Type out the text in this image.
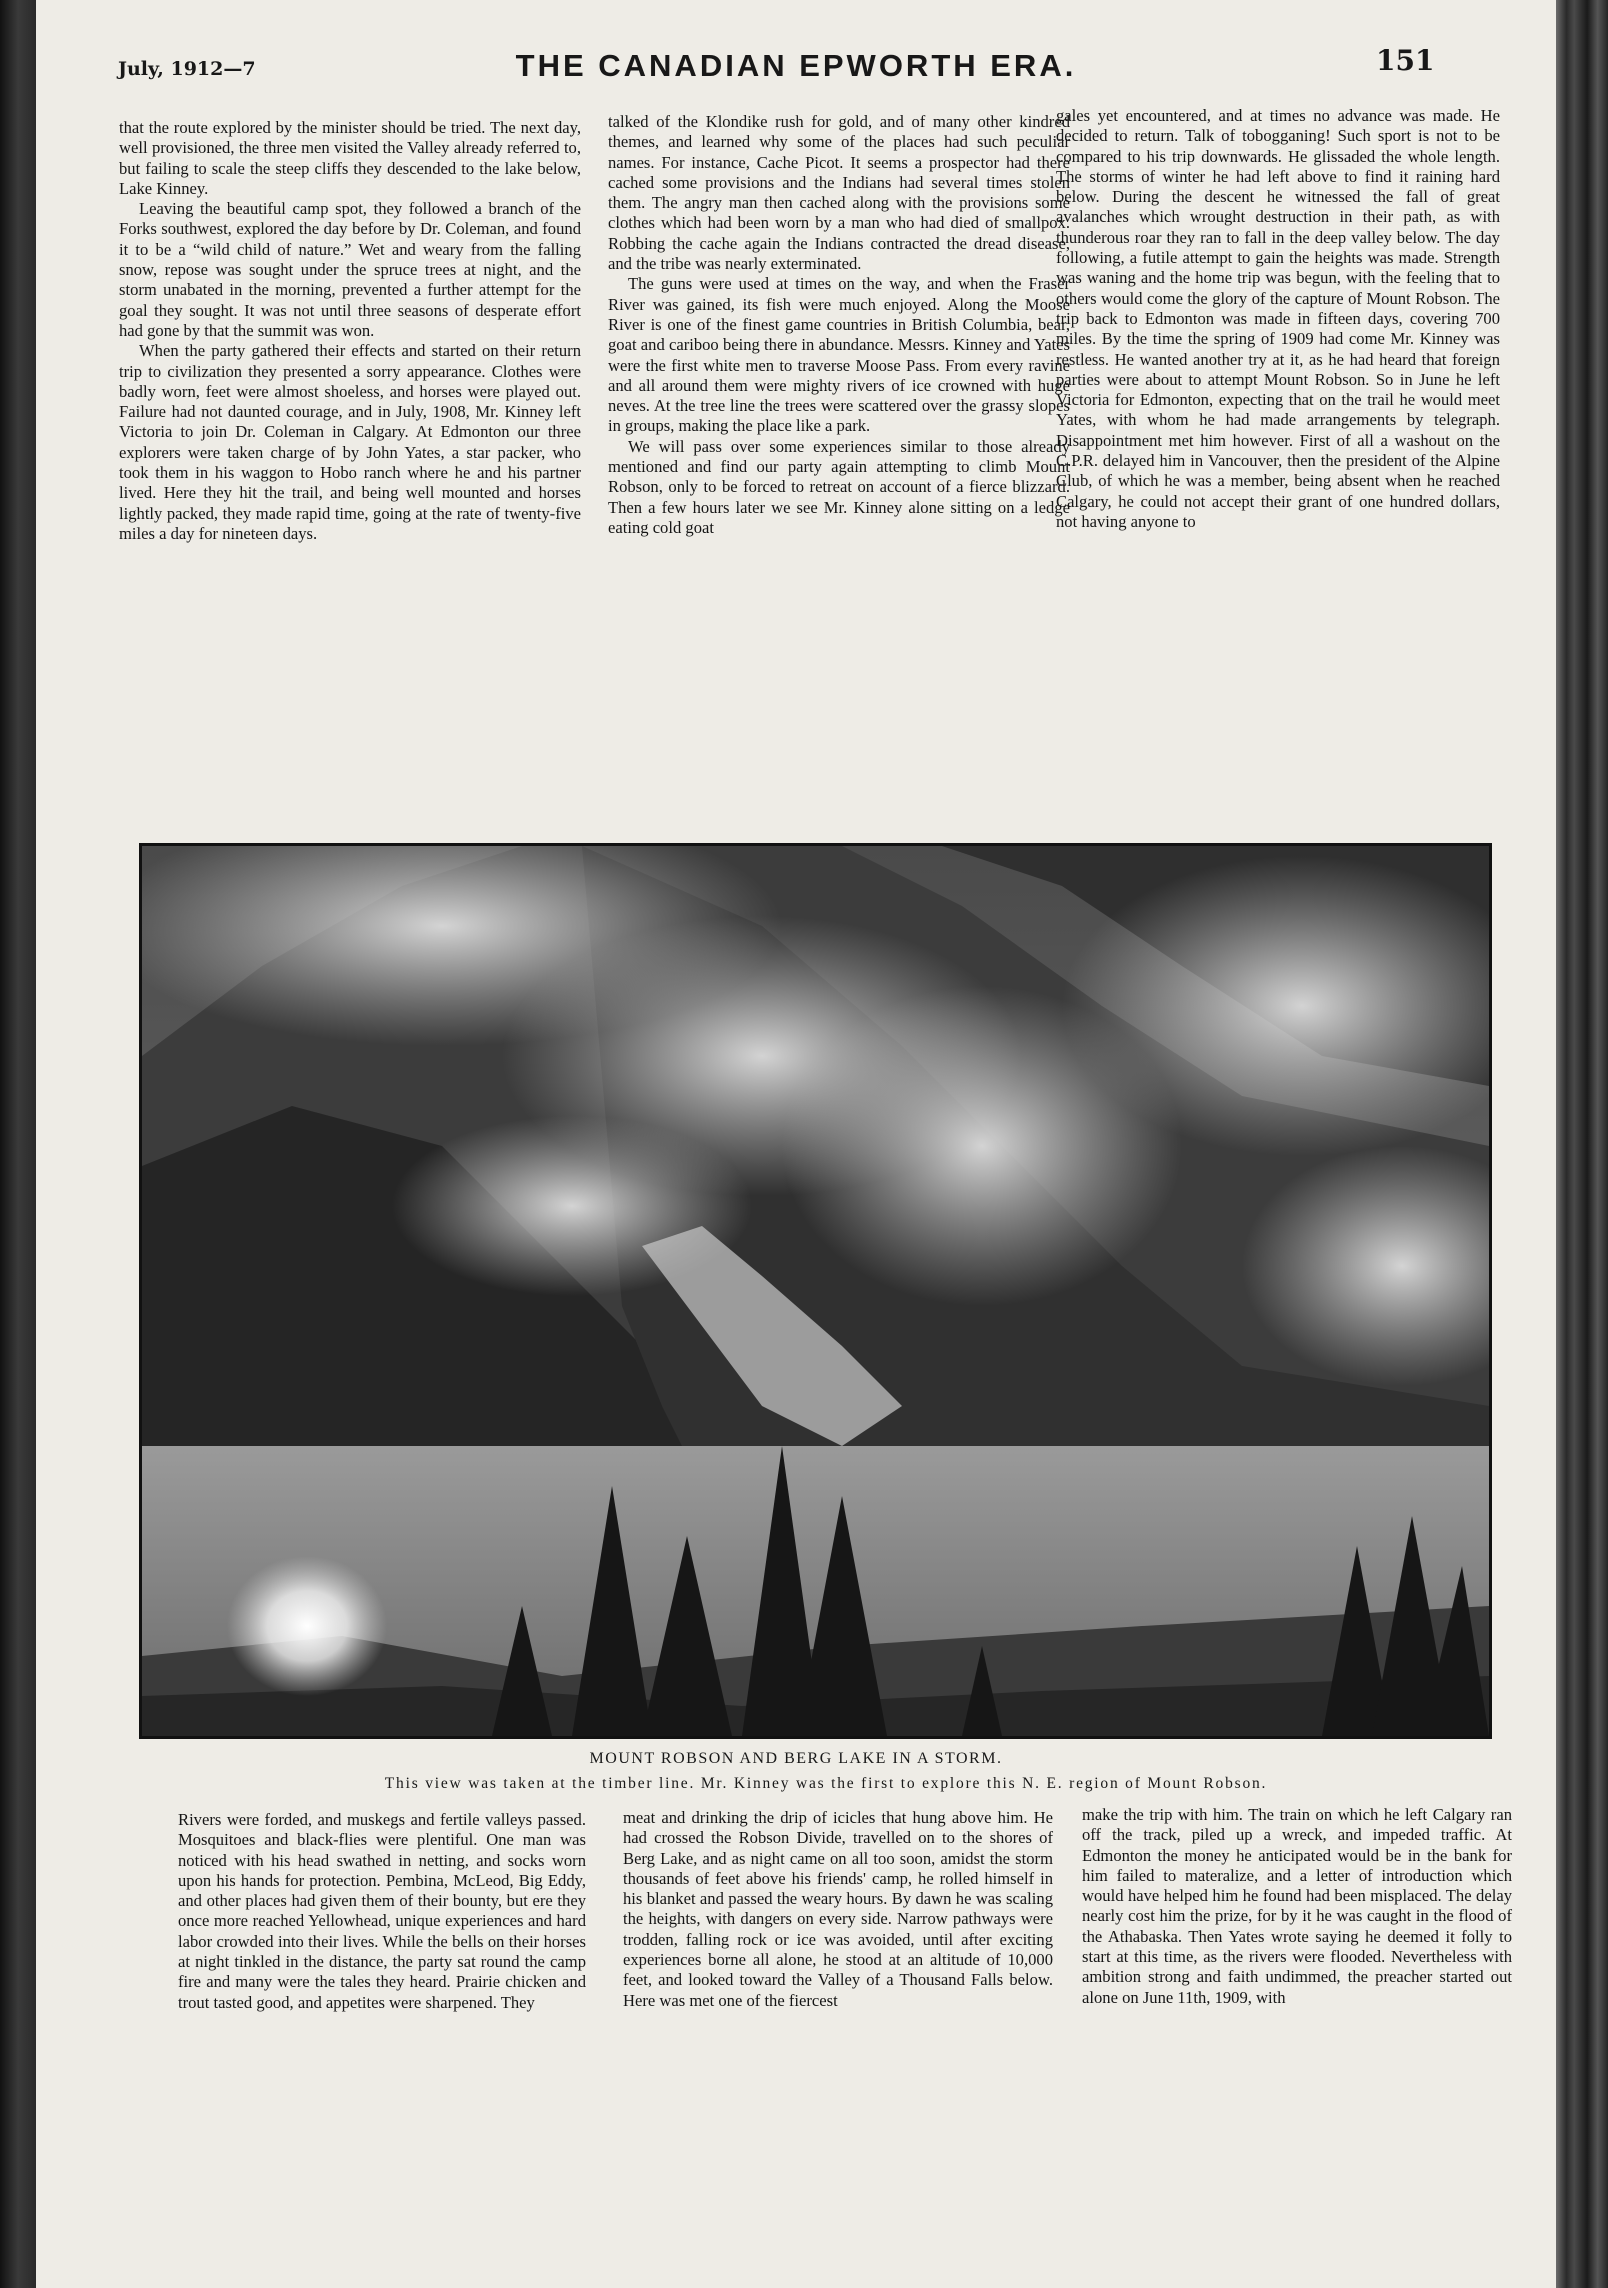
July, 1912—7	THE CANADIAN EPWORTH ERA.	151

that the route explored by the minister should be tried. The next day, well provisioned, the three men visited the Valley already referred to, but failing to scale the steep cliffs they descended to the lake below, Lake Kinney.

Leaving the beautiful camp spot, they followed a branch of the Forks southwest, explored the day before by Dr. Coleman, and found it to be a “wild child of nature.” Wet and weary from the falling snow, repose was sought under the spruce trees at night, and the storm unabated in the morning, prevented a further attempt for the goal they sought. It was not until three seasons of desperate effort had gone by that the summit was won.

When the party gathered their effects and started on their return trip to civilization they presented a sorry appearance. Clothes were badly worn, feet were almost shoeless, and horses were played out. Failure had not daunted courage, and in July, 1908, Mr. Kinney left Victoria to join Dr. Coleman in Calgary. At Edmonton our three explorers were taken charge of by John Yates, a star packer, who took them in his waggon to Hobo ranch where he and his partner lived. Here they hit the trail, and being well mounted and horses lightly packed, they made rapid time, going at the rate of twenty-five miles a day for nineteen days.

talked of the Klondike rush for gold, and of many other kindred themes, and learned why some of the places had such peculiar names. For instance, Cache Picot. It seems a prospector had there cached some provisions and the Indians had several times stolen them. The angry man then cached along with the provisions some clothes which had been worn by a man who had died of smallpox. Robbing the cache again the Indians contracted the dread disease, and the tribe was nearly exterminated.

The guns were used at times on the way, and when the Fraser River was gained, its fish were much enjoyed. Along the Moose River is one of the finest game countries in British Columbia, bear, goat and cariboo being there in abundance. Messrs. Kinney and Yates were the first white men to traverse Moose Pass. From every ravine and all around them were mighty rivers of ice crowned with huge neves. At the tree line the trees were scattered over the grassy slopes in groups, making the place like a park.

We will pass over some experiences similar to those already mentioned and find our party again attempting to climb Mount Robson, only to be forced to retreat on account of a fierce blizzard. Then a few hours later we see Mr. Kinney alone sitting on a ledge eating cold goat

gales yet encountered, and at times no advance was made. He decided to return. Talk of tobogganing! Such sport is not to be compared to his trip downwards. He glissaded the whole length. The storms of winter he had left above to find it raining hard below. During the descent he witnessed the fall of great avalanches which wrought destruction in their path, as with thunderous roar they ran to fall in the deep valley below. The day following, a futile attempt to gain the heights was made. Strength was waning and the home trip was begun, with the feeling that to others would come the glory of the capture of Mount Robson. The trip back to Edmonton was made in fifteen days, covering 700 miles. By the time the spring of 1909 had come Mr. Kinney was restless. He wanted another try at it, as he had heard that foreign parties were about to attempt Mount Robson. So in June he left Victoria for Edmonton, expecting that on the trail he would meet Yates, with whom he had made arrangements by telegraph. Disappointment met him however. First of all a washout on the C.P.R. delayed him in Vancouver, then the president of the Alpine Club, of which he was a member, being absent when he reached Calgary, he could not accept their grant of one hundred dollars, not having anyone to

MOUNT ROBSON AND BERG LAKE IN A STORM.
This view was taken at the timber line. Mr. Kinney was the first to explore this N. E. region of Mount Robson.

Rivers were forded, and muskegs and fertile valleys passed. Mosquitoes and black-flies were plentiful. One man was noticed with his head swathed in netting, and socks worn upon his hands for protection. Pembina, McLeod, Big Eddy, and other places had given them of their bounty, but ere they once more reached Yellowhead, unique experiences and hard labor crowded into their lives. While the bells on their horses at night tinkled in the distance, the party sat round the camp fire and many were the tales they heard. Prairie chicken and trout tasted good, and appetites were sharpened. They

meat and drinking the drip of icicles that hung above him. He had crossed the Robson Divide, travelled on to the shores of Berg Lake, and as night came on all too soon, amidst the storm thousands of feet above his friends' camp, he rolled himself in his blanket and passed the weary hours. By dawn he was scaling the heights, with dangers on every side. Narrow pathways were trodden, falling rock or ice was avoided, until after exciting experiences borne all alone, he stood at an altitude of 10,000 feet, and looked toward the Valley of a Thousand Falls below. Here was met one of the fiercest

make the trip with him. The train on which he left Calgary ran off the track, piled up a wreck, and impeded traffic. At Edmonton the money he anticipated would be in the bank for him failed to materalize, and a letter of introduction which would have helped him he found had been misplaced. The delay nearly cost him the prize, for by it he was caught in the flood of the Athabaska. Then Yates wrote saying he deemed it folly to start at this time, as the rivers were flooded. Nevertheless with ambition strong and faith undimmed, the preacher started out alone on June 11th, 1909, with
